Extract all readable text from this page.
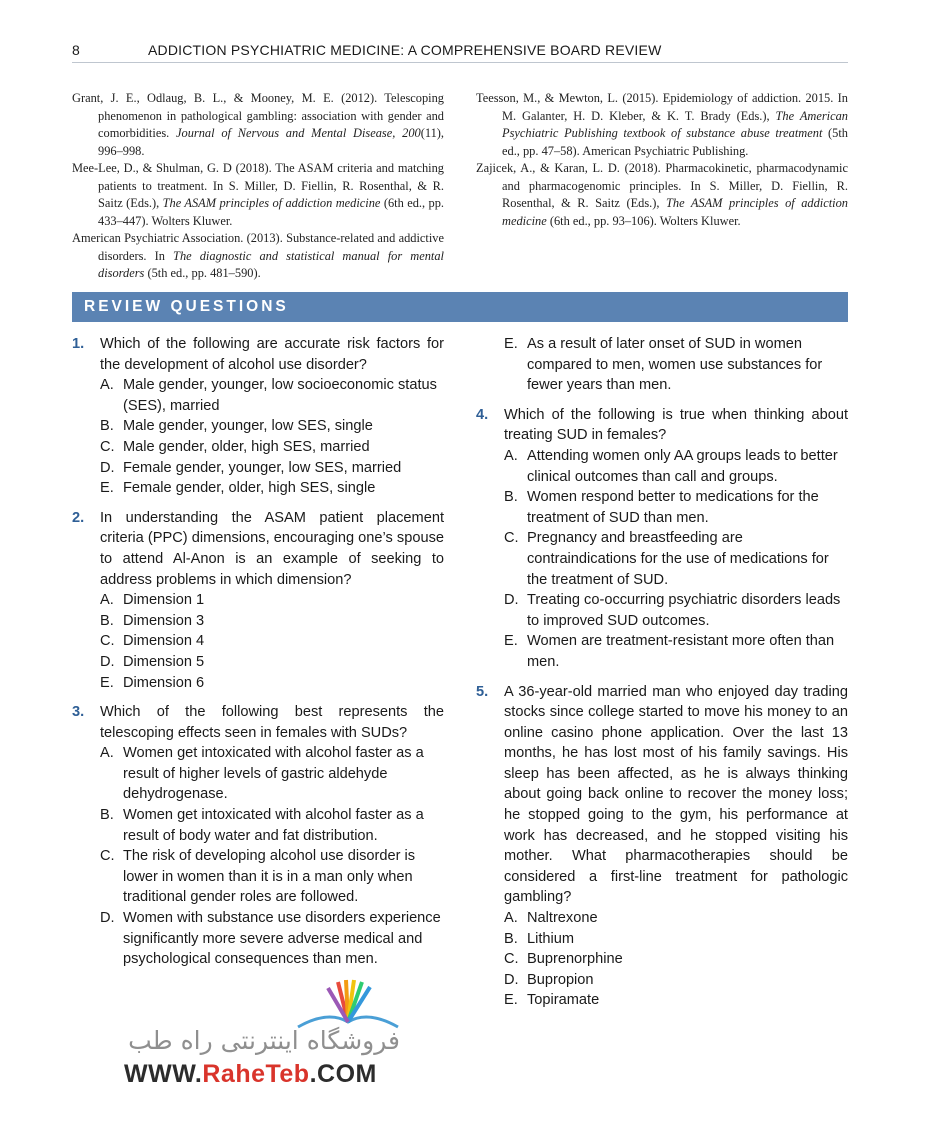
8	ADDICTION PSYCHIATRIC MEDICINE: A COMPREHENSIVE BOARD REVIEW
Grant, J. E., Odlaug, B. L., & Mooney, M. E. (2012). Telescoping phenomenon in pathological gambling: association with gender and comorbidities. Journal of Nervous and Mental Disease, 200(11), 996–998.
Mee-Lee, D., & Shulman, G. D (2018). The ASAM criteria and matching patients to treatment. In S. Miller, D. Fiellin, R. Rosenthal, & R. Saitz (Eds.), The ASAM principles of addiction medicine (6th ed., pp. 433–447). Wolters Kluwer.
American Psychiatric Association. (2013). Substance-related and addictive disorders. In The diagnostic and statistical manual for mental disorders (5th ed., pp. 481–590).
Teesson, M., & Mewton, L. (2015). Epidemiology of addiction. 2015. In M. Galanter, H. D. Kleber, & K. T. Brady (Eds.), The American Psychiatric Publishing textbook of substance abuse treatment (5th ed., pp. 47–58). American Psychiatric Publishing.
Zajicek, A., & Karan, L. D. (2018). Pharmacokinetic, pharmacodynamic and pharmacogenomic principles. In S. Miller, D. Fiellin, R. Rosenthal, & R. Saitz (Eds.), The ASAM principles of addiction medicine (6th ed., pp. 93–106). Wolters Kluwer.
REVIEW QUESTIONS
1. Which of the following are accurate risk factors for the development of alcohol use disorder?
A. Male gender, younger, low socioeconomic status (SES), married
B. Male gender, younger, low SES, single
C. Male gender, older, high SES, married
D. Female gender, younger, low SES, married
E. Female gender, older, high SES, single
2. In understanding the ASAM patient placement criteria (PPC) dimensions, encouraging one’s spouse to attend Al-Anon is an example of seeking to address problems in which dimension?
A. Dimension 1
B. Dimension 3
C. Dimension 4
D. Dimension 5
E. Dimension 6
3. Which of the following best represents the telescoping effects seen in females with SUDs?
A. Women get intoxicated with alcohol faster as a result of higher levels of gastric aldehyde dehydrogenase.
B. Women get intoxicated with alcohol faster as a result of body water and fat distribution.
C. The risk of developing alcohol use disorder is lower in women than it is in a man only when traditional gender roles are followed.
D. Women with substance use disorders experience significantly more severe adverse medical and psychological consequences than men.
E. As a result of later onset of SUD in women compared to men, women use substances for fewer years than men.
4. Which of the following is true when thinking about treating SUD in females?
A. Attending women only AA groups leads to better clinical outcomes than call and groups.
B. Women respond better to medications for the treatment of SUD than men.
C. Pregnancy and breastfeeding are contraindications for the use of medications for the treatment of SUD.
D. Treating co-occurring psychiatric disorders leads to improved SUD outcomes.
E. Women are treatment-resistant more often than men.
5. A 36-year-old married man who enjoyed day trading stocks since college started to move his money to an online casino phone application. Over the last 13 months, he has lost most of his family savings. His sleep has been affected, as he is always thinking about going back online to recover the money loss; he stopped going to the gym, his performance at work has decreased, and he stopped visiting his mother. What pharmacotherapies should be considered a first-line treatment for pathologic gambling?
A. Naltrexone
B. Lithium
C. Buprenorphine
D. Bupropion
E. Topiramate
فروشگاه اینترنتی راه طب
WWW.RaheTeb.COM
